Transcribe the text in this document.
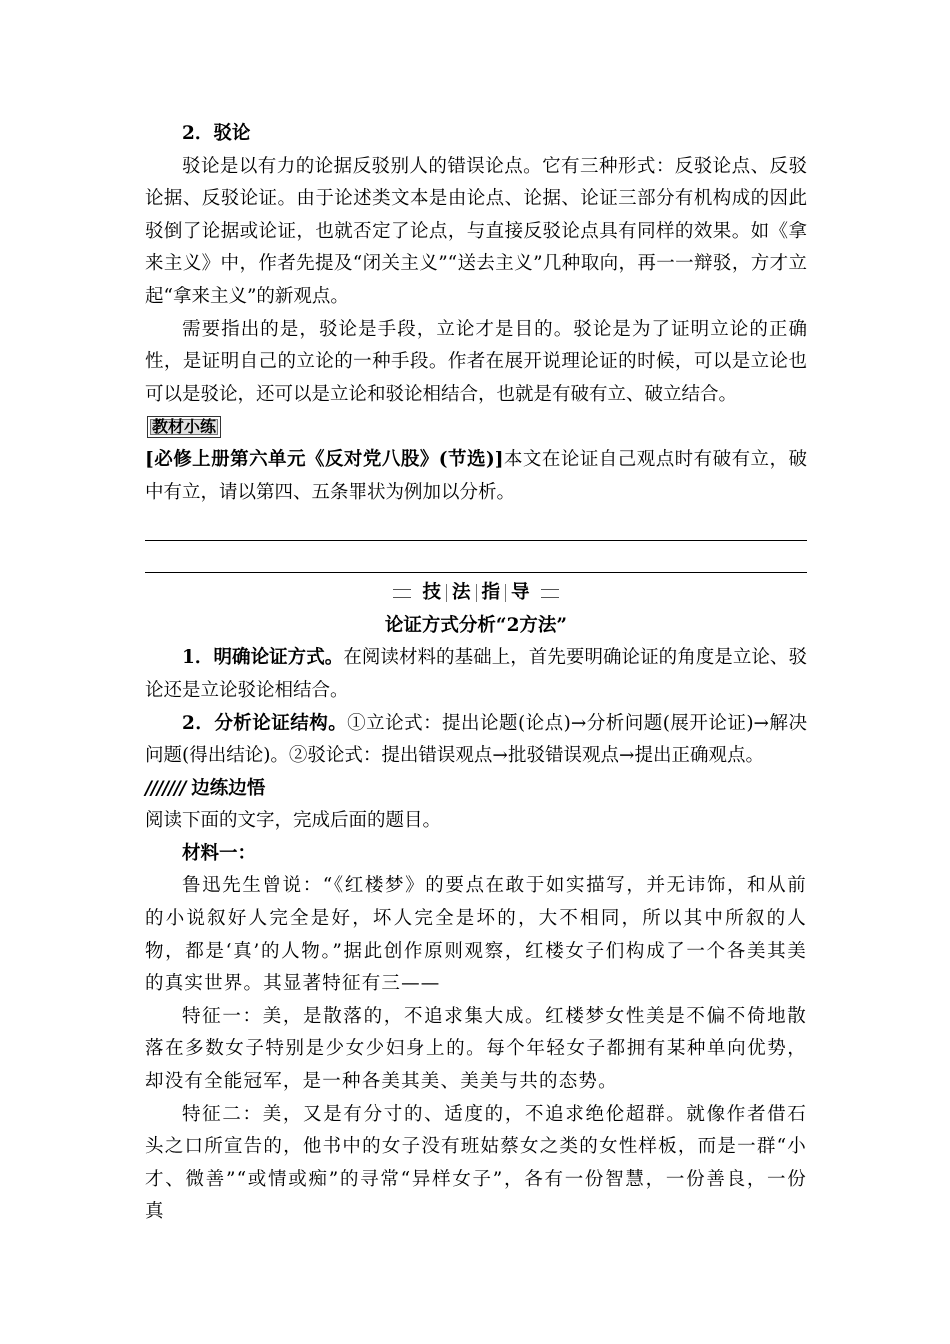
2．驳论

驳论是以有力的论据反驳别人的错误论点。它有三种形式：反驳论点、反驳论据、反驳论证。由于论述类文本是由论点、论据、论证三部分有机构成的因此驳倒了论据或论证，也就否定了论点，与直接反驳论点具有同样的效果。如《拿来主义》中，作者先提及“闭关主义”“送去主义”几种取向，再一一辩驳，方才立起“拿来主义”的新观点。

需要指出的是，驳论是手段，立论才是目的。驳论是为了证明立论的正确性，是证明自己的立论的一种手段。作者在展开说理论证的时候，可以是立论也可以是驳论，还可以是立论和驳论相结合，也就是有破有立、破立结合。

教材小练

[必修上册第六单元《反对党八股》(节选)]本文在论证自己观点时有破有立，破中有立，请以第四、五条罪状为例加以分析。

技 法 指 导

论证方式分析“2方法”

1．明确论证方式。在阅读材料的基础上，首先要明确论证的角度是立论、驳论还是立论驳论相结合。

2．分析论证结构。①立论式：提出论题(论点)→分析问题(展开论证)→解决问题(得出结论)。②驳论式：提出错误观点→批驳错误观点→提出正确观点。

/////// 边练边悟

阅读下面的文字，完成后面的题目。

材料一：

鲁迅先生曾说：“《红楼梦》的要点在敢于如实描写，并无讳饰，和从前的小说叙好人完全是好，坏人完全是坏的，大不相同，所以其中所叙的人物，都是‘真’的人物。”据此创作原则观察，红楼女子们构成了一个各美其美的真实世界。其显著特征有三——

特征一：美，是散落的，不追求集大成。红楼梦女性美是不偏不倚地散落在多数女子特别是少女少妇身上的。每个年轻女子都拥有某种单向优势，却没有全能冠军，是一种各美其美、美美与共的态势。

特征二：美，又是有分寸的、适度的，不追求绝伦超群。就像作者借石头之口所宣告的，他书中的女子没有班姑蔡女之类的女性样板，而是一群“小才、微善”“或情或痴”的寻常“异样女子”，各有一份智慧，一份善良，一份真
